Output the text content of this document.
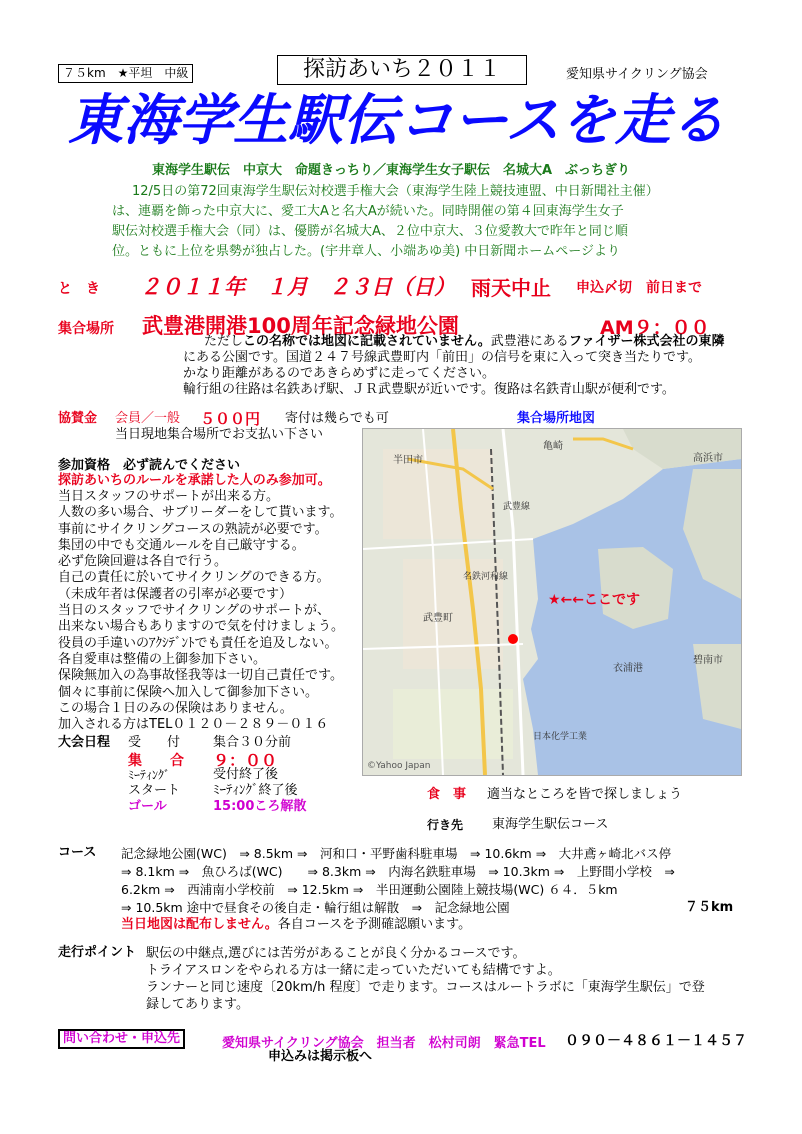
７５km　★平坦　中級	探訪あいち２０１１	愛知県サイクリング協会
東海学生駅伝コースを走る
東海学生駅伝　中京大　命題きっちり／東海学生女子駅伝　名城大A　ぶっちぎり
12/5日の第72回東海学生駅伝対校選手権大会（東海学生陸上競技連盟、中日新聞社主催）
は、連覇を飾った中京大に、愛工大Aと名大Aが続いた。同時開催の第４回東海学生女子
駅伝対校選手権大会（同）は、優勝が名城大A、２位中京大、３位愛教大で昨年と同じ順
位。ともに上位を県勢が独占した。(宇井章人、小端あゆ美) 中日新聞ホームページより
と　き ２０１１年　１月　２３日（日） 雨天中止 申込〆切　前日まで
集合場所 武豊港開港100周年記念緑地公園	AM９：００
ただしこの名称では地図に記載されていません。武豊港にあるファイザー株式会社の東隣
にある公園です。国道２４７号線武豊町内「前田」の信号を東に入って突き当たりです。
かなり距離があるのであきらめずに走ってください。
輪行組の往路は名鉄あげ駅、ＪＲ武豊駅が近いです。復路は名鉄青山駅が便利です。
協賛金 会員／一般 ５００円 寄付は幾らでも可
当日現地集合場所でお支払い下さい
集合場所地図
半田市
亀崎
衣浦港
武豊町
高浜市
碧南市
日本化学工業
名鉄河和線
武豊線
★←←ここです
©Yahoo Japan
参加資格　必ず読んでください
探訪あいちのルールを承諾した人のみ参加可。
当日スタッフのサポートが出来る方。
人数の多い場合、サブリーダーをして貰います。
事前にサイクリングコースの熟読が必要です。
集団の中でも交通ルールを自己厳守する。
必ず危険回避は各自で行う。
自己の責任に於いてサイクリングのできる方。
（未成年者は保護者の引率が必要です）
当日のスタッフでサイクリングのサポートが、
出来ない場合もありますので気を付けましょう。
役員の手違いのｱｸｼﾃﾞﾝﾄでも責任を追及しない。
各自愛車は整備の上御参加下さい。
保険無加入の為事故怪我等は一切自己責任です。
個々に事前に保険へ加入して御参加下さい。
この場合１日のみの保険はありません。
加入される方はTEL０１２０－２８９－０１６
大会日程 受　　付	集合３０分前
集　　合 ９：００
ﾐｰﾃｨﾝｸﾞ	受付終了後
スタート	ﾐｰﾃｨﾝｸﾞ終了後
ゴール	15:00ころ解散
食　事 適当なところを皆で探しましょう
行き先 東海学生駅伝コース
コース 記念緑地公園(WC)　⇒ 8.5km ⇒　河和口・平野歯科駐車場　⇒ 10.6km ⇒　大井鳶ヶ崎北バス停
⇒ 8.1km ⇒　魚ひろば(WC)　　⇒ 8.3km ⇒　内海名鉄駐車場　⇒ 10.3km ⇒　上野間小学校　⇒
6.2km ⇒　西浦南小学校前　⇒ 12.5km ⇒　半田運動公園陸上競技場(WC) ６４．５km
⇒ 10.5km 途中で昼食その後自走・輪行組は解散　⇒　記念緑地公園	７５km
当日地図は配布しません。各自コースを予測確認願います。
走行ポイント 駅伝の中継点,選びには苦労があることが良く分かるコースです。
トライアスロンをやられる方は一緒に走っていただいても結構ですよ。
ランナーと同じ速度〔20km/h 程度〕で走ります。コースはルートラボに「東海学生駅伝」で登
録してあります。
問い合わせ・申込先	愛知県サイクリング協会　担当者　松村司朗　緊急TEL ０９０－４８６１－１４５７
申込みは掲示板へ
